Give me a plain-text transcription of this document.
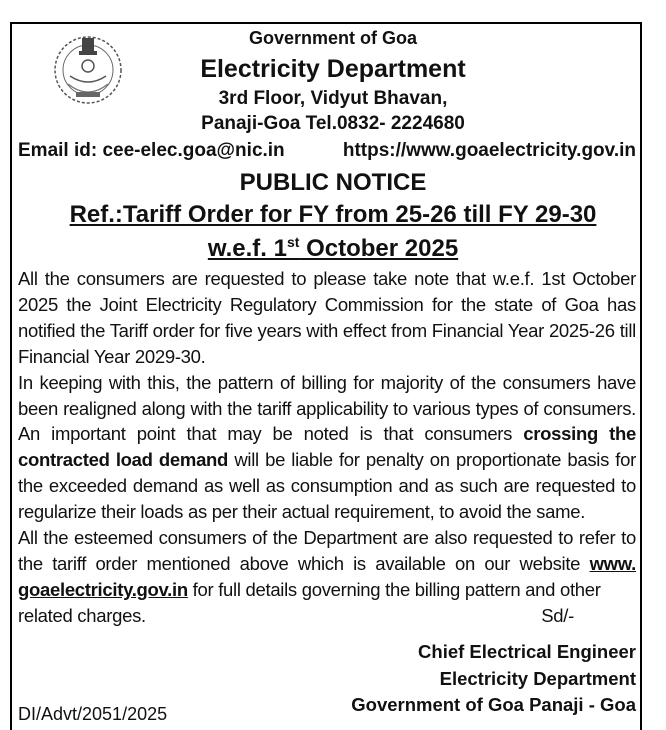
Government of Goa
Electricity Department
3rd Floor, Vidyut Bhavan,
Panaji-Goa Tel.0832- 2224680
Email id: cee-elec.goa@nic.in	https://www.goaelectricity.gov.in
PUBLIC NOTICE
Ref.:Tariff Order for FY from 25-26 till FY 29-30
w.e.f. 1st October 2025

All the consumers are requested to please take note that w.e.f. 1st October 2025 the Joint Electricity Regulatory Commission for the state of Goa has notified the Tariff order for five years with effect from Financial Year 2025-26 till Financial Year 2029-30.

In keeping with this, the pattern of billing for majority of the consumers have been realigned along with the tariff applicability to various types of consumers. An important point that may be noted is that consumers crossing the contracted load demand will be liable for penalty on proportionate basis for the exceeded demand as well as consumption and as such are requested to regularize their loads as per their actual requirement, to avoid the same.

All the esteemed consumers of the Department are also requested to refer to the tariff order mentioned above which is available on our website www. goaelectricity.gov.in for full details governing the billing pattern and other

related charges.	Sd/-
Chief Electrical Engineer
Electricity Department
Government of Goa Panaji - Goa
DI/Advt/2051/2025
